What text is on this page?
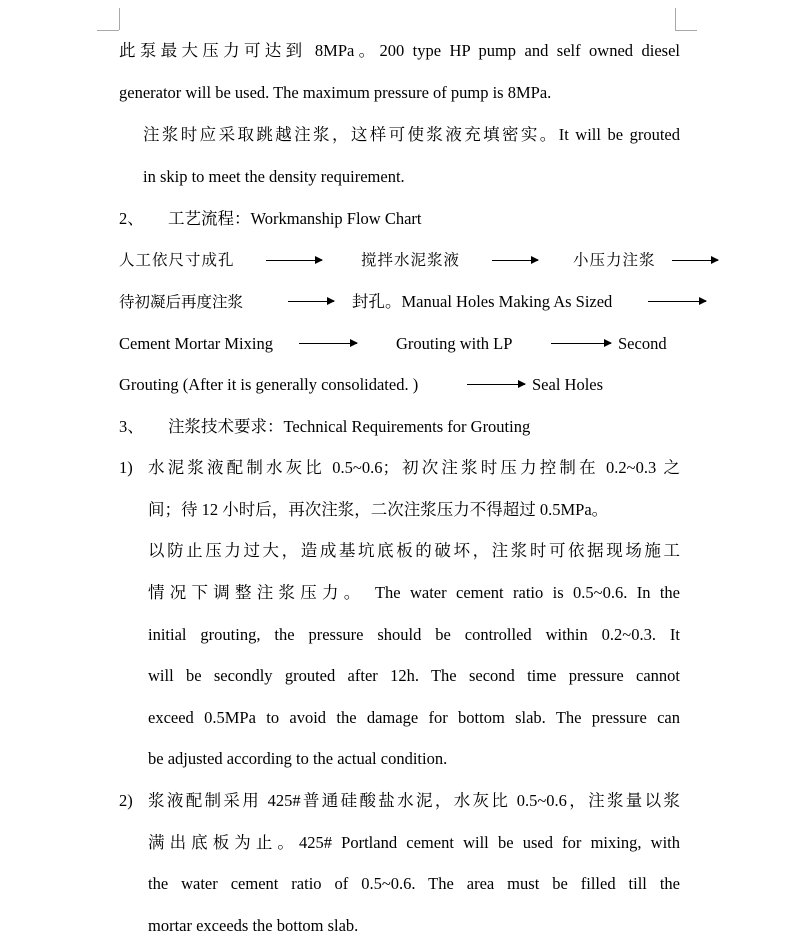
此泵最大压力可达到 8MPa。200 type HP pump and self owned diesel
generator will be used. The maximum pressure of pump is 8MPa.
注浆时应采取跳越注浆，这样可使浆液充填密实。It will be grouted
in skip to meet the density requirement.
2、 工艺流程：Workmanship Flow Chart
人工依尺寸成孔	搅拌水泥浆液	小压力注浆
待初凝后再度注浆	封孔。Manual Holes Making As Sized
Cement Mortar Mixing	Grouting with LP	Second
Grouting (After it is generally consolidated. )	Seal Holes
3、 注浆技术要求：Technical Requirements for Grouting
1) 水泥浆液配制水灰比 0.5~0.6；初次注浆时压力控制在 0.2~0.3 之
间；待 12 小时后，再次注浆，二次注浆压力不得超过 0.5MPa。
以防止压力过大，造成基坑底板的破坏，注浆时可依据现场施工
情况下调整注浆压力。 The water cement ratio is 0.5~0.6. In the
initial grouting, the pressure should be controlled within 0.2~0.3. It
will be secondly grouted after 12h. The second time pressure cannot
exceed 0.5MPa to avoid the damage for bottom slab. The pressure can
be adjusted according to the actual condition.
2) 浆液配制采用 425#普通硅酸盐水泥，水灰比 0.5~0.6，注浆量以浆
满出底板为止。425# Portland cement will be used for mixing, with
the water cement ratio of 0.5~0.6. The area must be filled till the
mortar exceeds the bottom slab.
